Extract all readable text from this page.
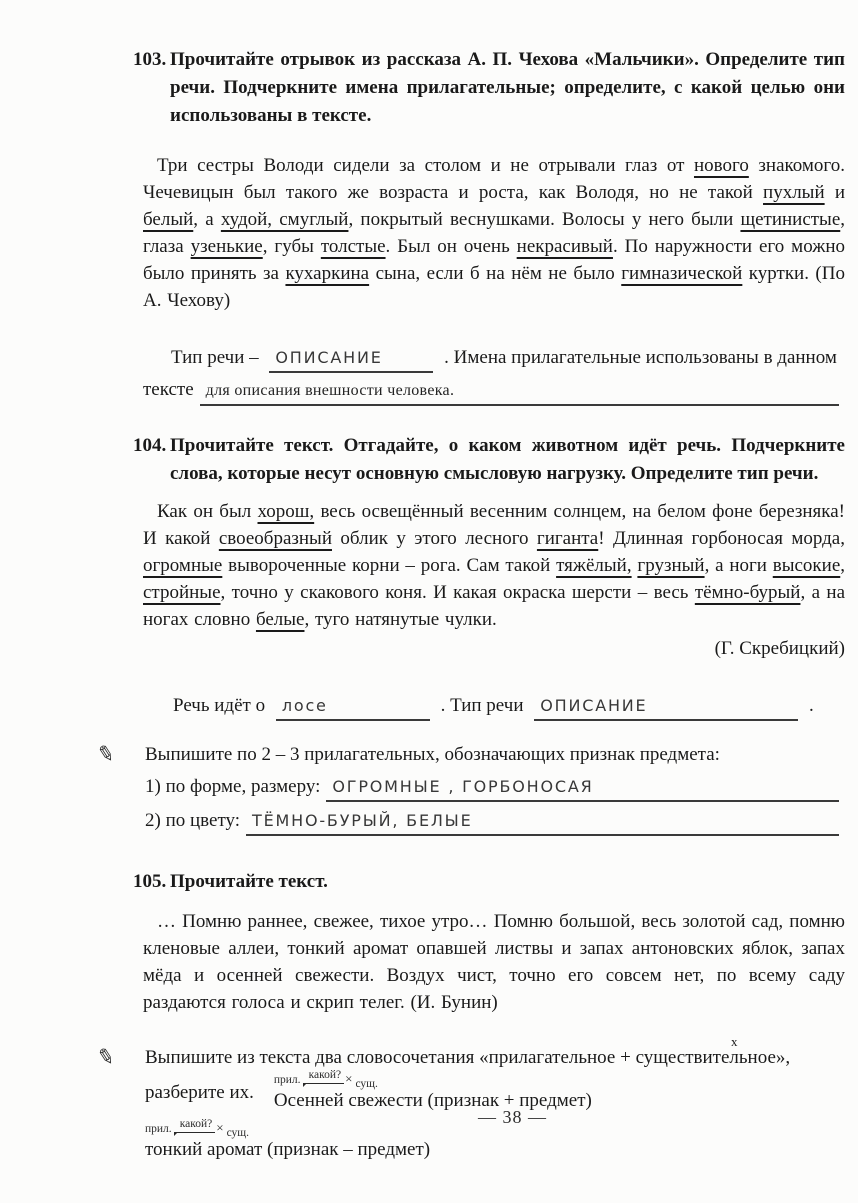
103. Прочитайте отрывок из рассказа А. П. Чехова «Мальчики». Определите тип речи. Подчеркните имена прилагательные; определите, с какой целью они использованы в тексте.

Три сестры Володи сидели за столом и не отрывали глаз от нового знакомого. Чечевицын был такого же возраста и роста, как Володя, но не такой пухлый и белый, а худой, смуглый, покрытый веснушками. Волосы у него были щетинистые, глаза узенькие, губы толстые. Был он очень некрасивый. По наружности его можно было принять за кухаркина сына, если б на нём не было гимназической куртки. (По А. Чехову)

Тип речи – ОПИСАНИЕ	. Имена прилагательные использованы в данном
тексте для описания внешности человека.
104. Прочитайте текст. Отгадайте, о каком животном идёт речь. Подчеркните слова, которые несут основную смысловую нагрузку. Определите тип речи.

Как он был хорош, весь освещённый весенним солнцем, на белом фоне березняка! И какой своеобразный облик у этого лесного гиганта! Длинная горбоносая морда, огромные вывороченные корни – рога. Сам такой тяжёлый, грузный, а ноги высокие, стройные, точно у скакового коня. И какая окраска шерсти – весь тёмно-бурый, а на ногах словно белые, туго натянутые чулки.

(Г. Скребицкий)

Речь идёт о лосе	. Тип речи ОПИСАНИЕ	.
✎ Выпишите по 2 – 3 прилагательных, обозначающих признак предмета:

1) по форме, размеру: ОГРОМНЫЕ , ГОРБОНОСАЯ
2) по цвету: ТЁМНО-БУРЫЙ, БЕЛЫЕ
105. Прочитайте текст.

… Помню раннее, свежее, тихое утро… Помню большой, весь золотой сад, помню кленовые аллеи, тонкий аромат опавшей листвы и запах антоновских яблок, запах мёда и осенней свежести. Воздух чист, точно его совсем нет, по всему саду раздаются голоса и скрип телег. (И. Бунин)

✎ Выпишите из текста два словосочетания «прилагательное + существительное»,
х

разберите их.
прил. какой? × сущ.
Осенней свежести (признак + предмет)
прил. какой? × сущ.
тонкий аромат (признак – предмет)
— 38 —
